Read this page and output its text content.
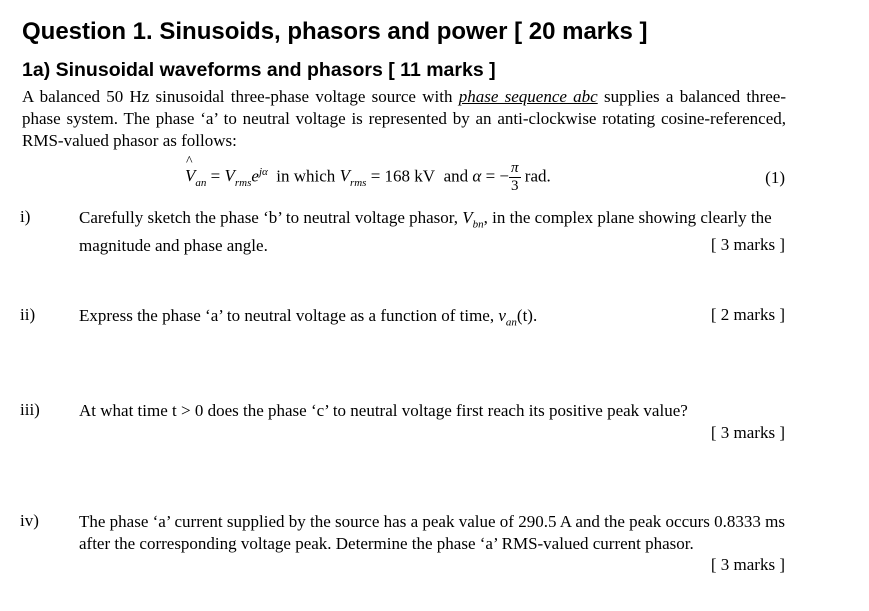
Question 1. Sinusoids, phasors and power [ 20 marks ]
1a) Sinusoidal waveforms and phasors [ 11 marks ]
A balanced 50 Hz sinusoidal three-phase voltage source with phase sequence abc supplies a balanced three-phase system. The phase ‘a’ to neutral voltage is represented by an anti-clockwise rotating cosine-referenced, RMS-valued phasor as follows:
^
$V_{an} = V_{rms}e^{j\alpha}$ in which $V_{rms} = 168$ kV and α = − $\frac{\pi}{3}$ rad.	(1)
i)	Carefully sketch the phase ‘b’ to neutral voltage phasor, $V_{bn}$, in the complex plane showing clearly the magnitude and phase angle.	[ 3 marks ]
ii)	Express the phase ‘a’ to neutral voltage as a function of time, $v_{an}(t)$.	[ 2 marks ]
iii) At what time t > 0 does the phase ‘c’ to neutral voltage first reach its positive peak value?
[ 3 marks ]
iv) The phase ‘a’ current supplied by the source has a peak value of 290.5 A and the peak occurs 0.8333 ms after the corresponding voltage peak. Determine the phase ‘a’ RMS-valued current phasor.
[ 3 marks ]
